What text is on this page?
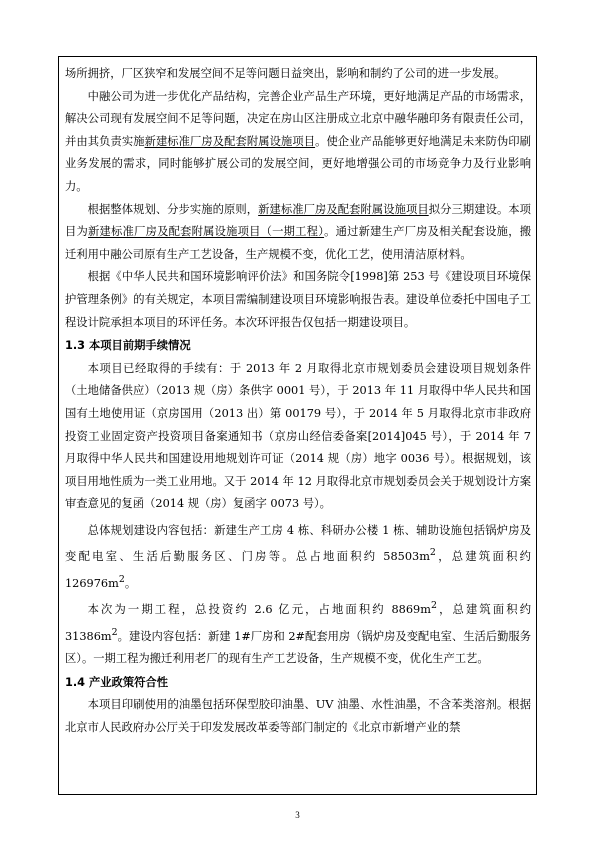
场所拥挤，厂区狭窄和发展空间不足等问题日益突出，影响和制约了公司的进一步发展。

中融公司为进一步优化产品结构，完善企业产品生产环境，更好地满足产品的市场需求，解决公司现有发展空间不足等问题，决定在房山区注册成立北京中融华融印务有限责任公司，并由其负责实施新建标准厂房及配套附属设施项目。使企业产品能够更好地满足未来防伪印刷业务发展的需求，同时能够扩展公司的发展空间，更好地增强公司的市场竞争力及行业影响力。

根据整体规划、分步实施的原则，新建标准厂房及配套附属设施项目拟分三期建设。本项目为新建标准厂房及配套附属设施项目（一期工程）。通过新建生产厂房及相关配套设施，搬迁利用中融公司原有生产工艺设备，生产规模不变，优化工艺，使用清洁原材料。

根据《中华人民共和国环境影响评价法》和国务院令[1998]第 253 号《建设项目环境保护管理条例》的有关规定，本项目需编制建设项目环境影响报告表。建设单位委托中国电子工程设计院承担本项目的环评任务。本次环评报告仅包括一期建设项目。

1.3 本项目前期手续情况

本项目已经取得的手续有：于 2013 年 2 月取得北京市规划委员会建设项目规划条件（土地储备供应）（2013 规（房）条供字 0001 号），于 2013 年 11 月取得中华人民共和国国有土地使用证（京房国用（2013 出）第 00179 号），于 2014 年 5 月取得北京市非政府投资工业固定资产投资项目备案通知书（京房山经信委备案[2014]045 号），于 2014 年 7 月取得中华人民共和国建设用地规划许可证（2014 规（房）地字 0036 号）。根据规划，该项目用地性质为一类工业用地。又于 2014 年 12 月取得北京市规划委员会关于规划设计方案审查意见的复函（2014 规（房）复函字 0073 号）。

总体规划建设内容包括：新建生产工房 4 栋、科研办公楼 1 栋、辅助设施包括锅炉房及变配电室、生活后勤服务区、门房等。总占地面积约 $58503m^2$，总建筑面积约 $126976m^2$。

本次为一期工程，总投资约 2.6 亿元，占地面积约 $8869m^2$，总建筑面积约 $31386m^2$。建设内容包括：新建 1#厂房和 2#配套用房（锅炉房及变配电室、生活后勤服务区）。一期工程为搬迁利用老厂的现有生产工艺设备，生产规模不变，优化生产工艺。

1.4 产业政策符合性

本项目印刷使用的油墨包括环保型胶印油墨、UV 油墨、水性油墨，不含苯类溶剂。根据北京市人民政府办公厅关于印发发展改革委等部门制定的《北京市新增产业的禁

3
